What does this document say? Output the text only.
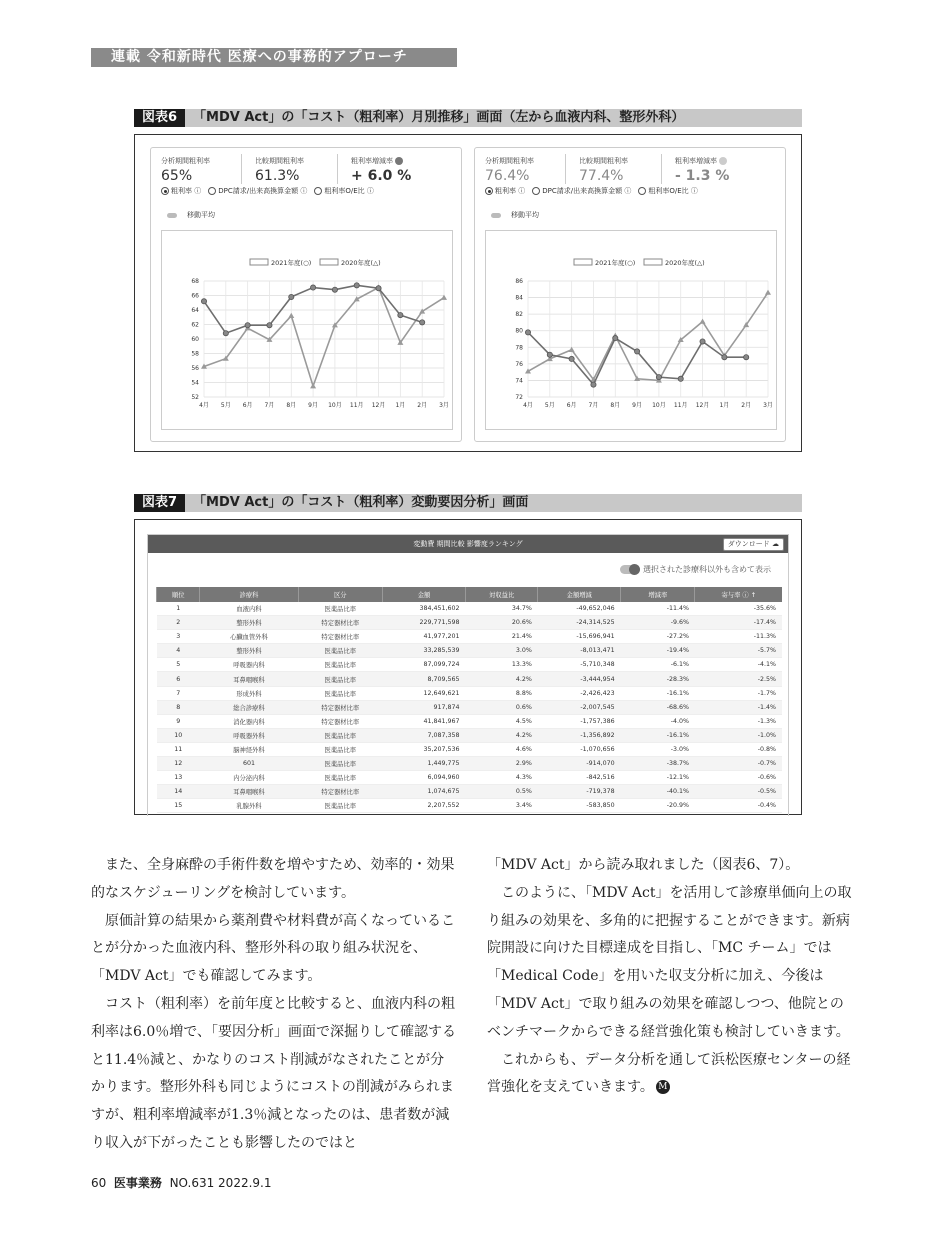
連載 令和新時代 医療への事務的アプローチ
図表6 「MDV Act」の「コスト（粗利率）月別推移」画面（左から血液内科、整形外科）
分析期間粗利率
65%
比較期間粗利率
61.3%
粗利率増減率
+ 6.0 %
粗利率 ⓘ	DPC請求/出来高換算金額 ⓘ	粗利率O/E比 ⓘ
移動平均
2021年度(○)	2020年度(△)
52
54
56
58
60
62
64
66
68
4月 5月 6月 7月 8月 9月 10月 11月 12月 1月 2月 3月
分析期間粗利率
76.4%
比較期間粗利率
77.4%
粗利率増減率
- 1.3 %
粗利率 ⓘ	DPC請求/出来高換算金額 ⓘ	粗利率O/E比 ⓘ
移動平均
2021年度(○)	2020年度(△)
72
74
76
78
80
82
84
86
4月 5月 6月 7月 8月 9月 10月 11月 12月 1月 2月 3月
図表7 「MDV Act」の「コスト（粗利率）変動要因分析」画面
変動費 期間比較 影響度ランキング	ダウンロード ☁
選択された診療科以外も含めて表示
順位	診療科	区分	金額	対収益比	金額増減	増減率	寄与率 ⓘ ↑
1	血液内科	医薬品比率	384,451,602	34.7%	-49,652,046	-11.4%	-35.6%
2	整形外科	特定器材比率	229,771,598	20.6%	-24,314,525	-9.6%	-17.4%
3	心臓血管外科	特定器材比率	41,977,201	21.4%	-15,696,941	-27.2%	-11.3%
4	整形外科	医薬品比率	33,285,539	3.0%	-8,013,471	-19.4%	-5.7%
5	呼吸器内科	医薬品比率	87,099,724	13.3%	-5,710,348	-6.1%	-4.1%
6	耳鼻咽喉科	医薬品比率	8,709,565	4.2%	-3,444,954	-28.3%	-2.5%
7	形成外科	医薬品比率	12,649,621	8.8%	-2,426,423	-16.1%	-1.7%
8	総合診療科	特定器材比率	917,874	0.6%	-2,007,545	-68.6%	-1.4%
9	消化器内科	特定器材比率	41,841,967	4.5%	-1,757,386	-4.0%	-1.3%
10	呼吸器外科	医薬品比率	7,087,358	4.2%	-1,356,892	-16.1%	-1.0%
11	脳神経外科	医薬品比率	35,207,536	4.6%	-1,070,656	-3.0%	-0.8%
12	601	医薬品比率	1,449,775	2.9%	-914,070	-38.7%	-0.7%
13	内分泌内科	医薬品比率	6,094,960	4.3%	-842,516	-12.1%	-0.6%
14	耳鼻咽喉科	特定器材比率	1,074,675	0.5%	-719,378	-40.1%	-0.5%
15	乳腺外科	医薬品比率	2,207,552	3.4%	-583,850	-20.9%	-0.4%

また、全身麻酔の手術件数を増やすため、効率的・効果的なスケジューリングを検討しています。

原価計算の結果から薬剤費や材料費が高くなっていることが分かった血液内科、整形外科の取り組み状況を、「MDV Act」でも確認してみます。

コスト（粗利率）を前年度と比較すると、血液内科の粗利率は6.0％増で、「要因分析」画面で深掘りして確認すると11.4％減と、かなりのコスト削減がなされたことが分かります。整形外科も同じようにコストの削減がみられますが、粗利率増減率が1.3％減となったのは、患者数が減り収入が下がったことも影響したのではと

「MDV Act」から読み取れました（図表6、7）。

このように、「MDV Act」を活用して診療単価向上の取り組みの効果を、多角的に把握することができます。新病院開設に向けた目標達成を目指し、「MC チーム」では「Medical Code」を用いた収支分析に加え、今後は「MDV Act」で取り組みの効果を確認しつつ、他院とのベンチマークからできる経営強化策も検討していきます。

これからも、データ分析を通して浜松医療センターの経営強化を支えていきます。 M

60 医事業務 NO.631 2022.9.1
